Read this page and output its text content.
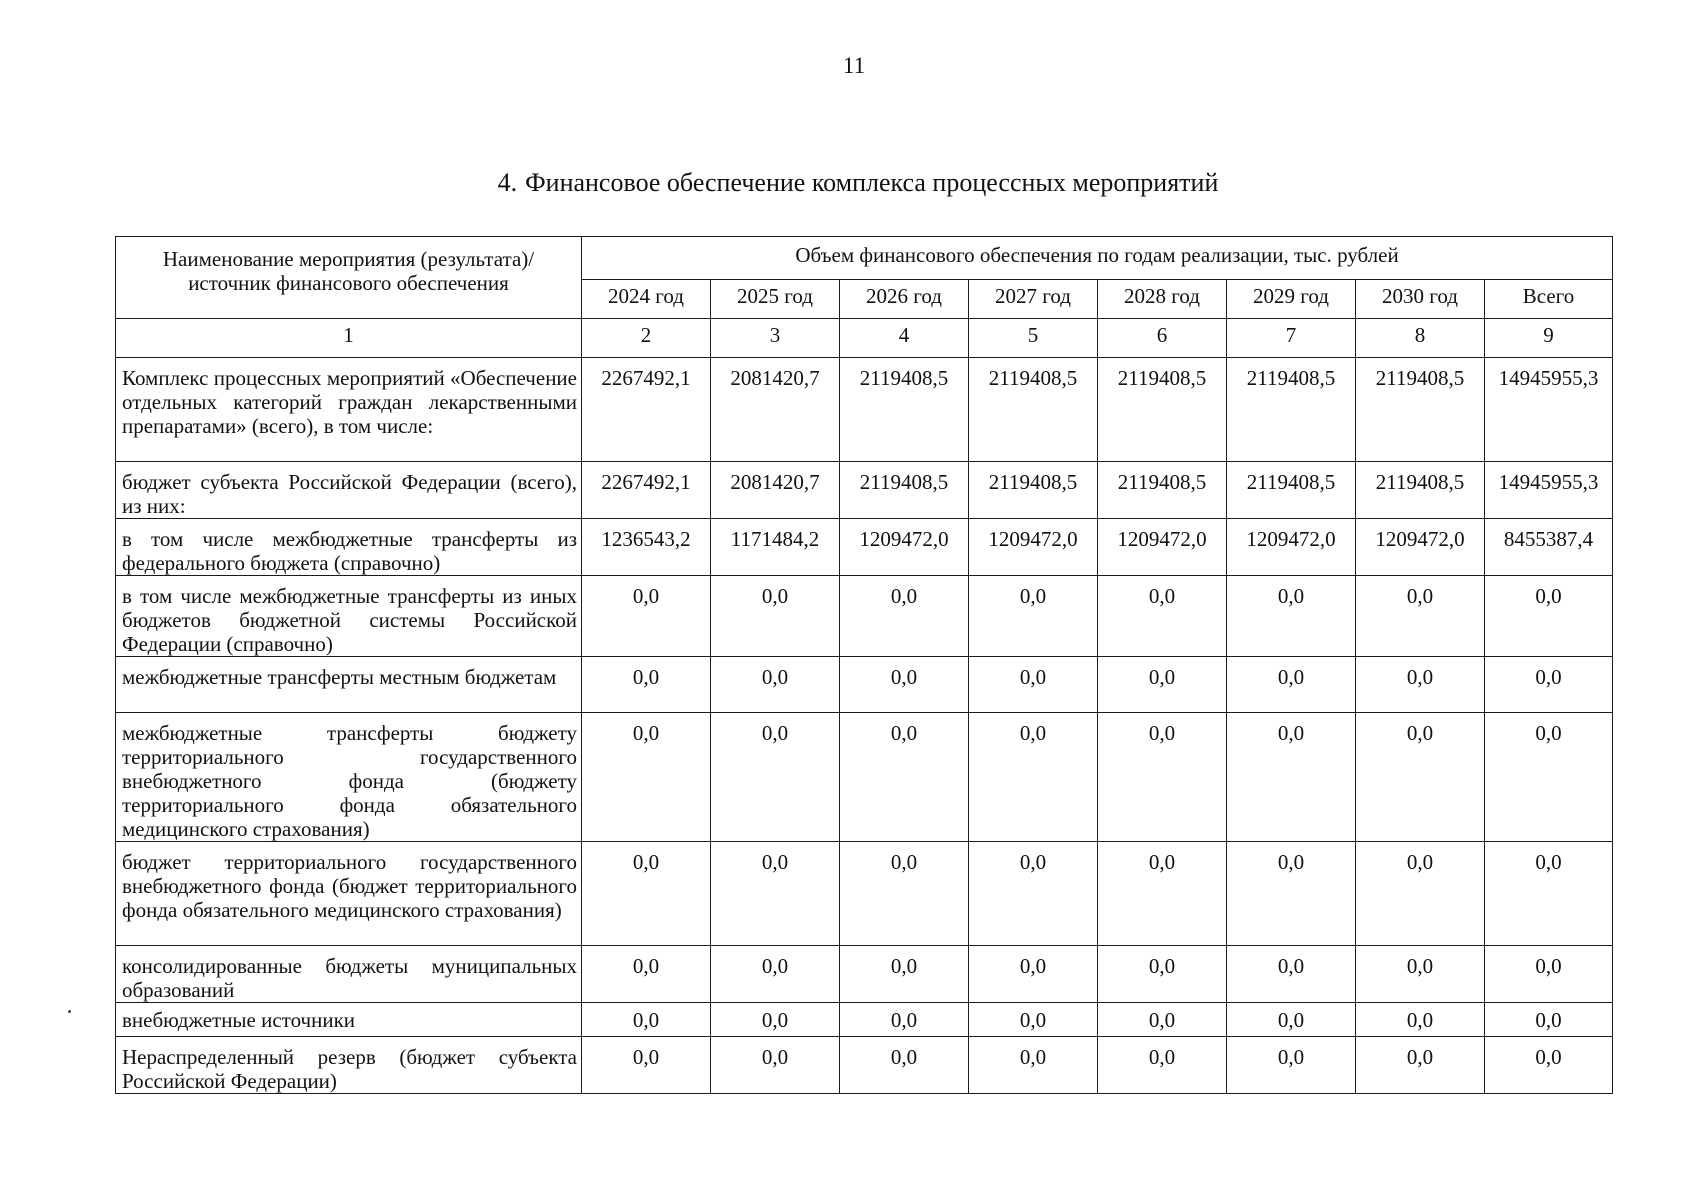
11
4. Финансовое обеспечение комплекса процессных мероприятий
Наименование мероприятия (результата)/ источник финансового обеспечения	Объем финансового обеспечения по годам реализации, тыс. рублей							
	2024 год	2025 год	2026 год	2027 год	2028 год	2029 год	2030 год	Всего
1	2	3	4	5	6	7	8	9
Комплекс процессных мероприятий «Обеспечение отдельных категорий граждан лекарственными препаратами» (всего), в том числе:	2267492,1	2081420,7	2119408,5	2119408,5	2119408,5	2119408,5	2119408,5	14945955,3
бюджет субъекта Российской Федерации (всего), из них:	2267492,1	2081420,7	2119408,5	2119408,5	2119408,5	2119408,5	2119408,5	14945955,3
в том числе межбюджетные трансферты из федерального бюджета (справочно)	1236543,2	1171484,2	1209472,0	1209472,0	1209472,0	1209472,0	1209472,0	8455387,4
в том числе межбюджетные трансферты из иных бюджетов бюджетной системы Российской Федерации (справочно)	0,0	0,0	0,0	0,0	0,0	0,0	0,0	0,0
межбюджетные трансферты местным бюджетам	0,0	0,0	0,0	0,0	0,0	0,0	0,0	0,0
межбюджетные трансферты бюджету территориального государственного внебюджетного фонда (бюджету территориального фонда обязательного медицинского страхования)	0,0	0,0	0,0	0,0	0,0	0,0	0,0	0,0
бюджет территориального государственного внебюджетного фонда (бюджет территориального фонда обязательного медицинского страхования)	0,0	0,0	0,0	0,0	0,0	0,0	0,0	0,0
консолидированные бюджеты муниципальных образований	0,0	0,0	0,0	0,0	0,0	0,0	0,0	0,0
внебюджетные источники	0,0	0,0	0,0	0,0	0,0	0,0	0,0	0,0
Нераспределенный резерв (бюджет субъекта Российской Федерации)	0,0	0,0	0,0	0,0	0,0	0,0	0,0	0,0
